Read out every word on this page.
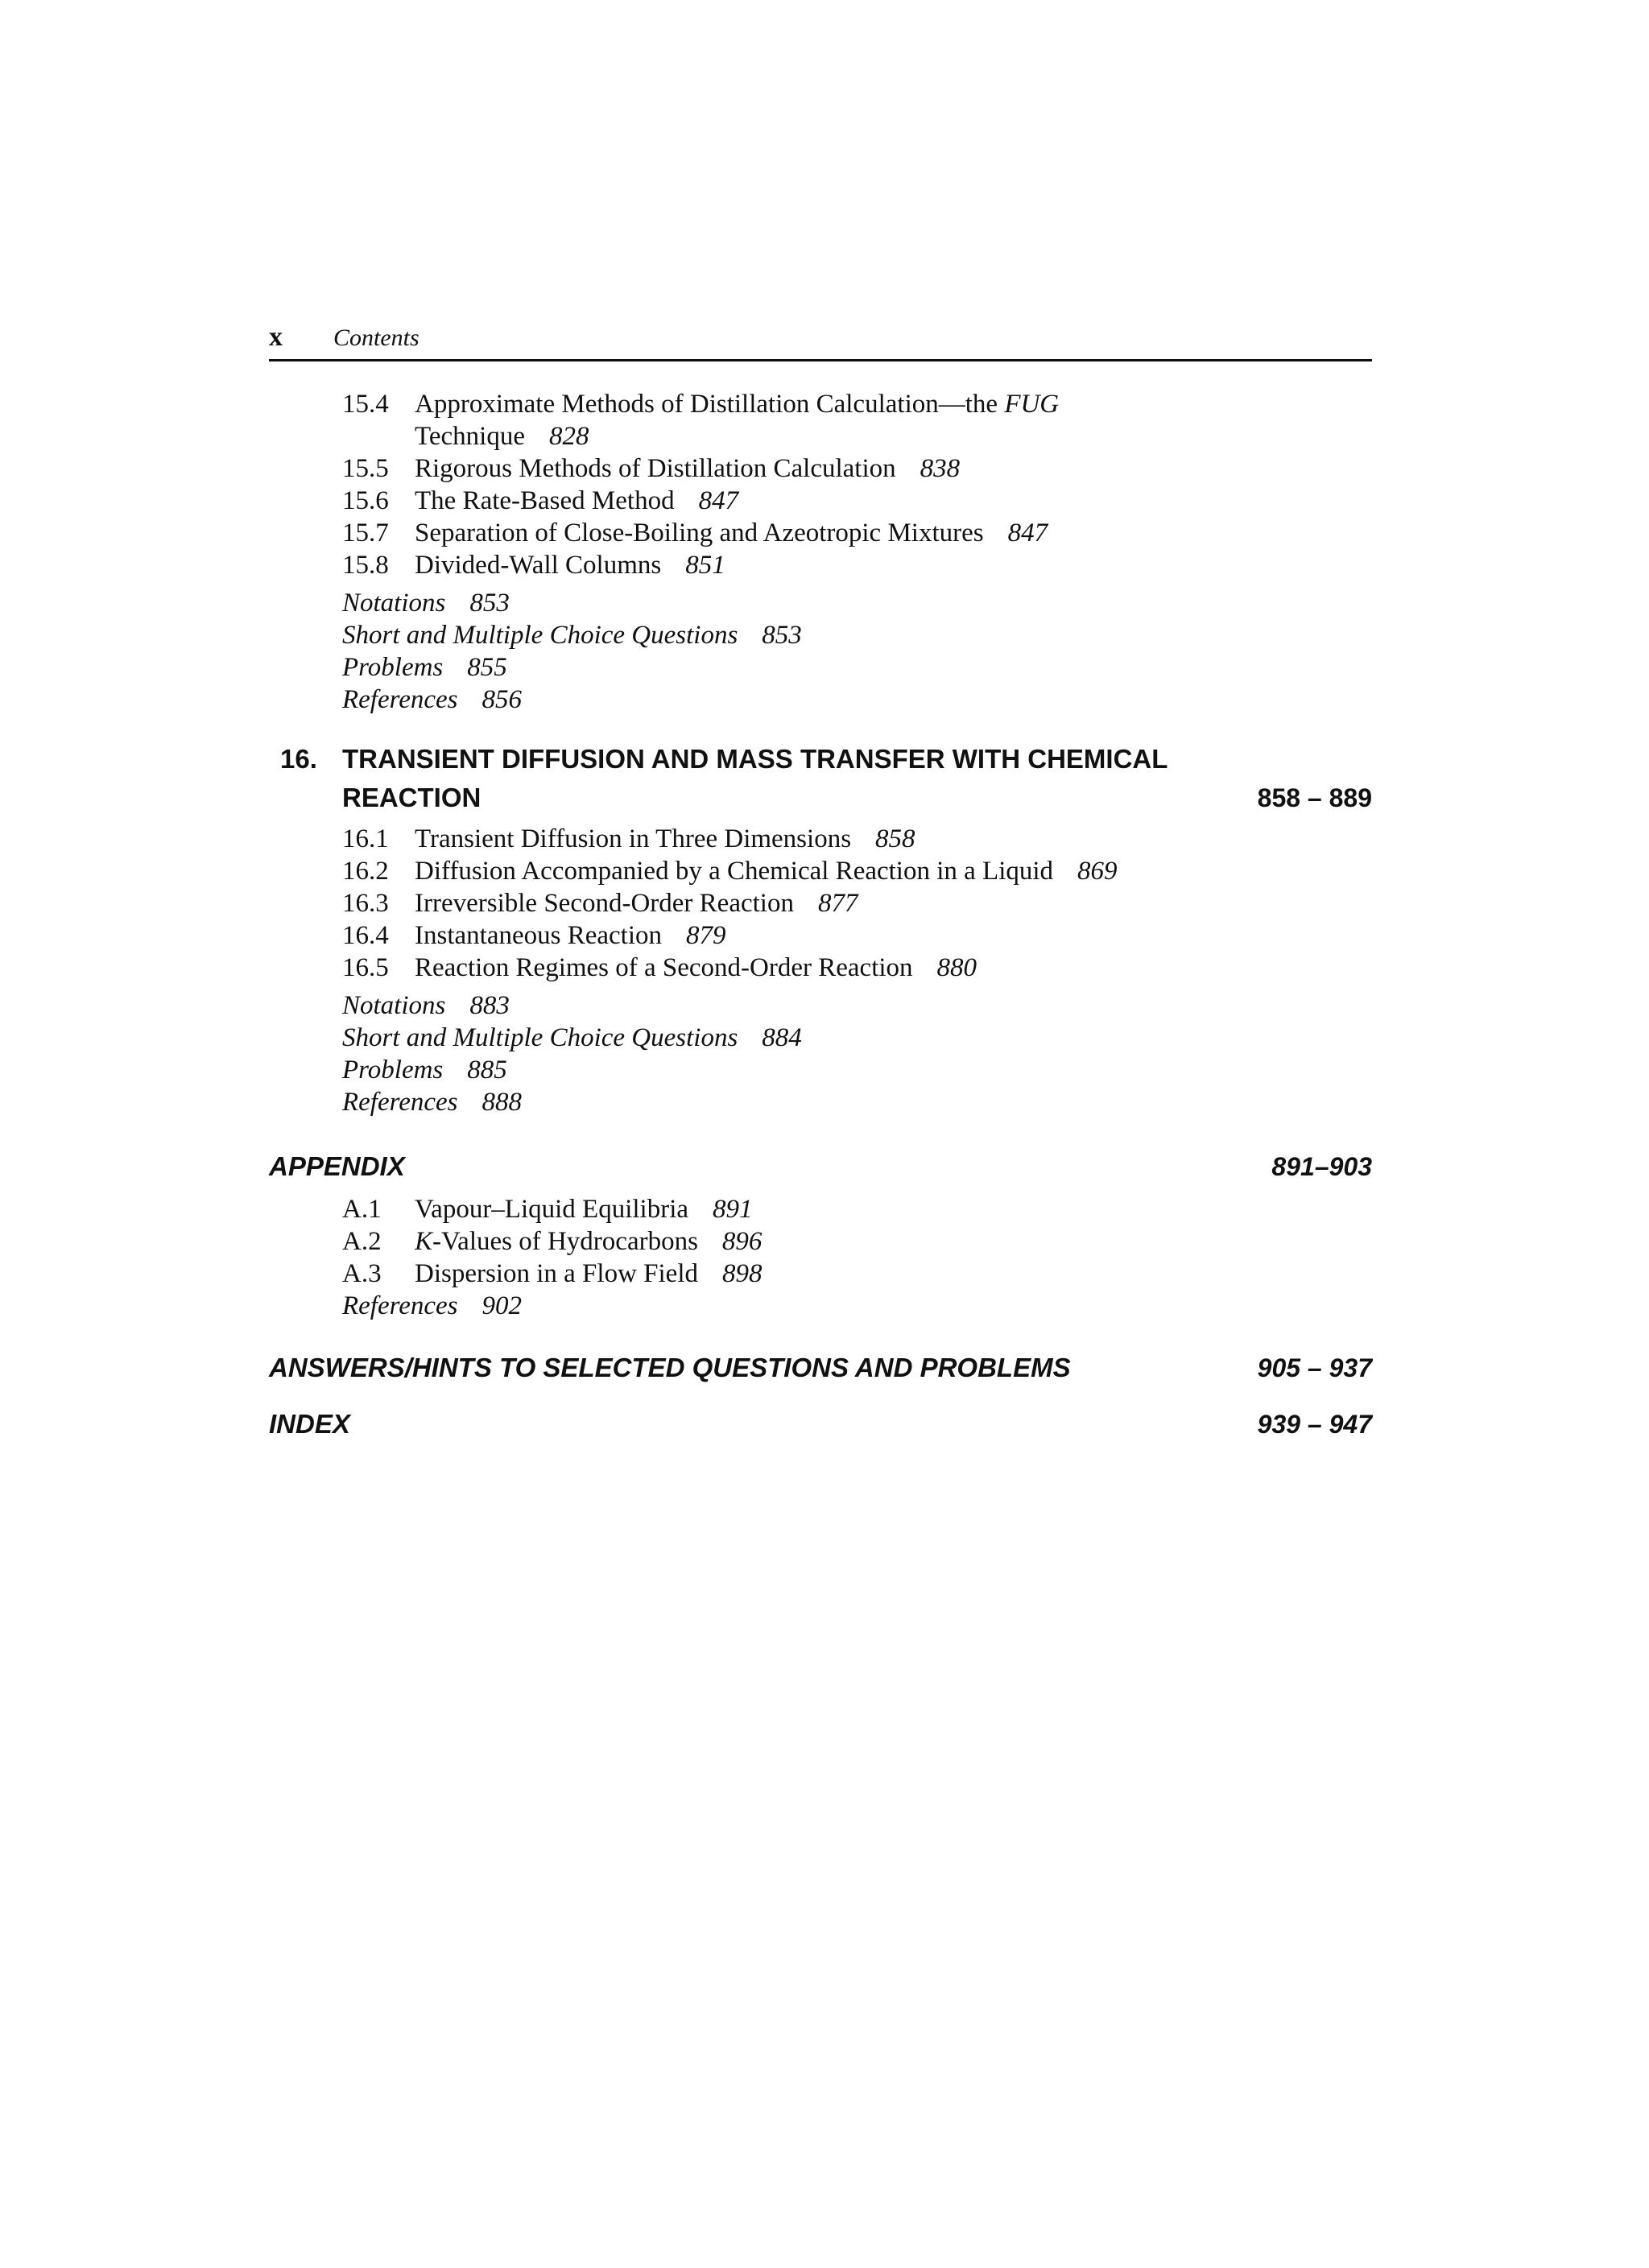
x Contents
15.4 Approximate Methods of Distillation Calculation—the FUG
Technique 828
15.5 Rigorous Methods of Distillation Calculation 838
15.6 The Rate-Based Method 847
15.7 Separation of Close-Boiling and Azeotropic Mixtures 847
15.8 Divided-Wall Columns 851
Notations 853
Short and Multiple Choice Questions 853
Problems 855
References 856
16. TRANSIENT DIFFUSION AND MASS TRANSFER WITH CHEMICAL
REACTION	858 – 889
16.1 Transient Diffusion in Three Dimensions 858
16.2 Diffusion Accompanied by a Chemical Reaction in a Liquid 869
16.3 Irreversible Second-Order Reaction 877
16.4 Instantaneous Reaction 879
16.5 Reaction Regimes of a Second-Order Reaction 880
Notations 883
Short and Multiple Choice Questions 884
Problems 885
References 888
APPENDIX	891–903
A.1 Vapour–Liquid Equilibria 891
A.2 K-Values of Hydrocarbons 896
A.3 Dispersion in a Flow Field 898
References 902
ANSWERS/HINTS TO SELECTED QUESTIONS AND PROBLEMS	905 – 937
INDEX	939 – 947
